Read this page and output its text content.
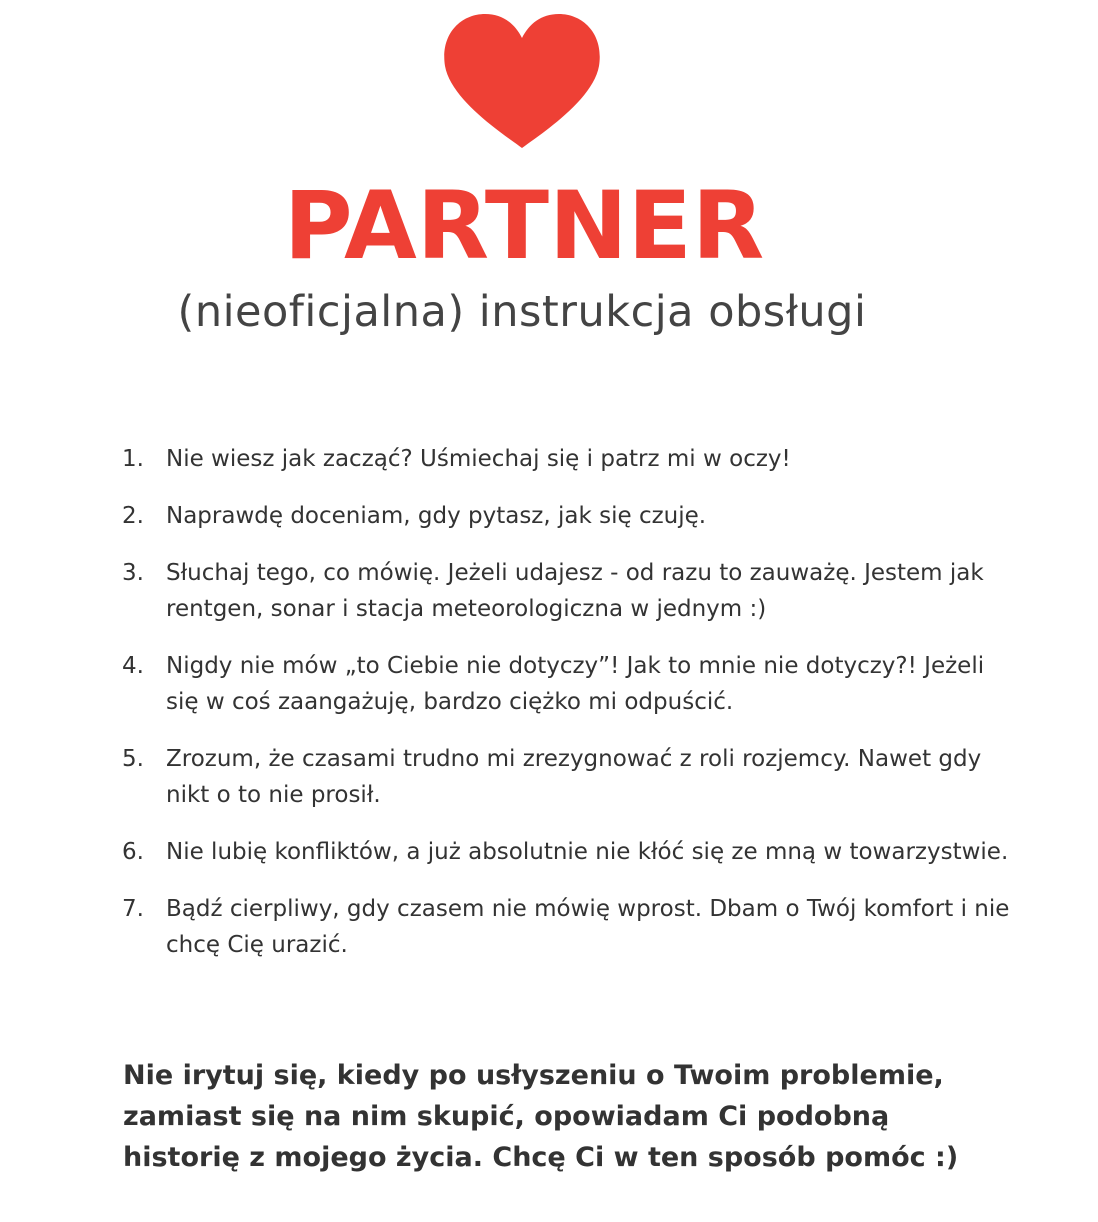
PARTNER
(nieoficjalna) instrukcja obsługi
1. Nie wiesz jak zacząć? Uśmiechaj się i patrz mi w oczy!
2. Naprawdę doceniam, gdy pytasz, jak się czuję.
3. Słuchaj tego, co mówię. Jeżeli udajesz - od razu to zauważę. Jestem jak rentgen, sonar i stacja meteorologiczna w jednym :)
4. Nigdy nie mów „to Ciebie nie dotyczy”! Jak to mnie nie dotyczy?! Jeżeli się w coś zaangażuję, bardzo ciężko mi odpuścić.
5. Zrozum, że czasami trudno mi zrezygnować z roli rozjemcy. Nawet gdy nikt o to nie prosił.
6. Nie lubię konfliktów, a już absolutnie nie kłóć się ze mną w towarzystwie.
7. Bądź cierpliwy, gdy czasem nie mówię wprost. Dbam o Twój komfort i nie chcę Cię urazić.

Nie irytuj się, kiedy po usłyszeniu o Twoim problemie, zamiast się na nim skupić, opowiadam Ci podobną historię z mojego życia. Chcę Ci w ten sposób pomóc :)
